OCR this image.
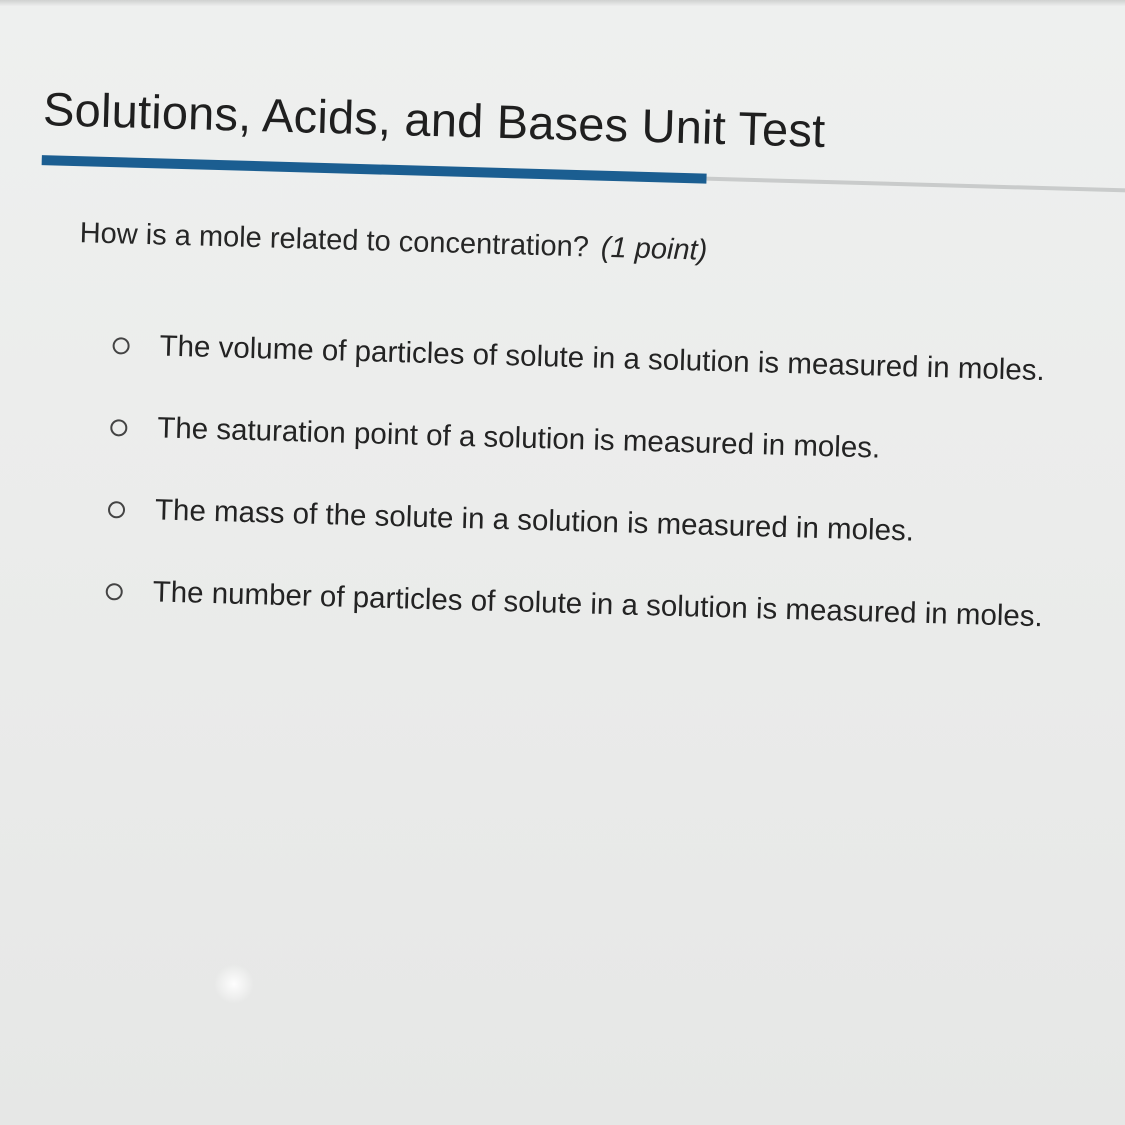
Solutions, Acids, and Bases Unit Test
How is a mole related to concentration? (1 point)
The volume of particles of solute in a solution is measured in moles.
The saturation point of a solution is measured in moles.
The mass of the solute in a solution is measured in moles.
The number of particles of solute in a solution is measured in moles.
